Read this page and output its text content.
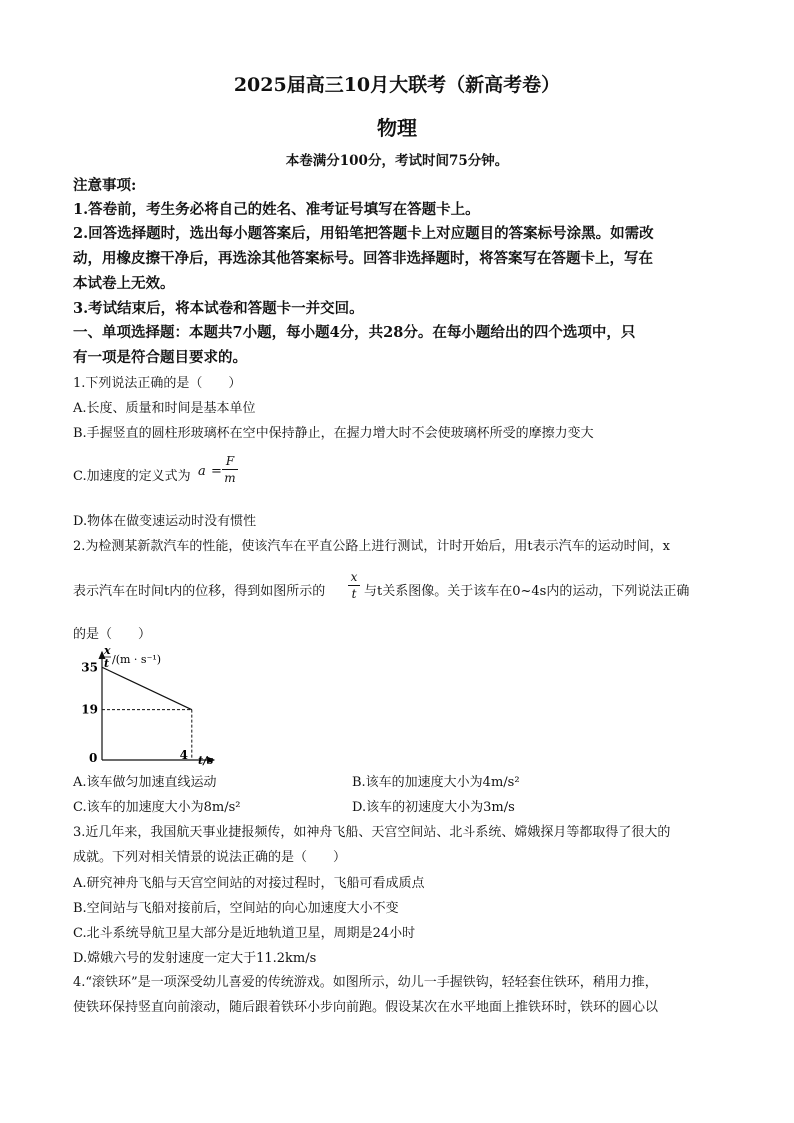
2025届高三10月大联考（新高考卷）
物理
本卷满分100分，考试时间75分钟。
注意事项:
1.答卷前，考生务必将自己的姓名、准考证号填写在答题卡上。
2.回答选择题时，选出每小题答案后，用铅笔把答题卡上对应题目的答案标号涂黑。如需改
动，用橡皮擦干净后，再选涂其他答案标号。回答非选择题时，将答案写在答题卡上，写在
本试卷上无效。
3.考试结束后，将本试卷和答题卡一并交回。
一、单项选择题：本题共7小题，每小题4分，共28分。在每小题给出的四个选项中，只
有一项是符合题目要求的。
1.下列说法正确的是（　　）
A.长度、质量和时间是基本单位
B.手握竖直的圆柱形玻璃杯在空中保持静止，在握力增大时不会使玻璃杯所受的摩擦力变大
C.加速度的定义式为 a =
F
m
D.物体在做变速运动时没有惯性
2.为检测某新款汽车的性能，使该汽车在平直公路上进行测试，计时开始后，用t表示汽车的运动时间，x
表示汽车在时间t内的位移，得到如图所示的
x
t 与t关系图像。关于该车在0~4s内的运动，下列说法正确
的是（　　）
x
t /(m · s⁻¹)
t/s
0
35
19
4
A.该车做匀加速直线运动	B.该车的加速度大小为4m/s²
C.该车的加速度大小为8m/s²	D.该车的初速度大小为3m/s
3.近几年来，我国航天事业捷报频传，如神舟飞船、天宫空间站、北斗系统、嫦娥探月等都取得了很大的
成就。下列对相关情景的说法正确的是（　　）
A.研究神舟飞船与天宫空间站的对接过程时，飞船可看成质点
B.空间站与飞船对接前后，空间站的向心加速度大小不变
C.北斗系统导航卫星大部分是近地轨道卫星，周期是24小时
D.嫦娥六号的发射速度一定大于11.2km/s
4.“滚铁环”是一项深受幼儿喜爱的传统游戏。如图所示，幼儿一手握铁钩，轻轻套住铁环，稍用力推，
使铁环保持竖直向前滚动，随后跟着铁环小步向前跑。假设某次在水平地面上推铁环时，铁环的圆心以
